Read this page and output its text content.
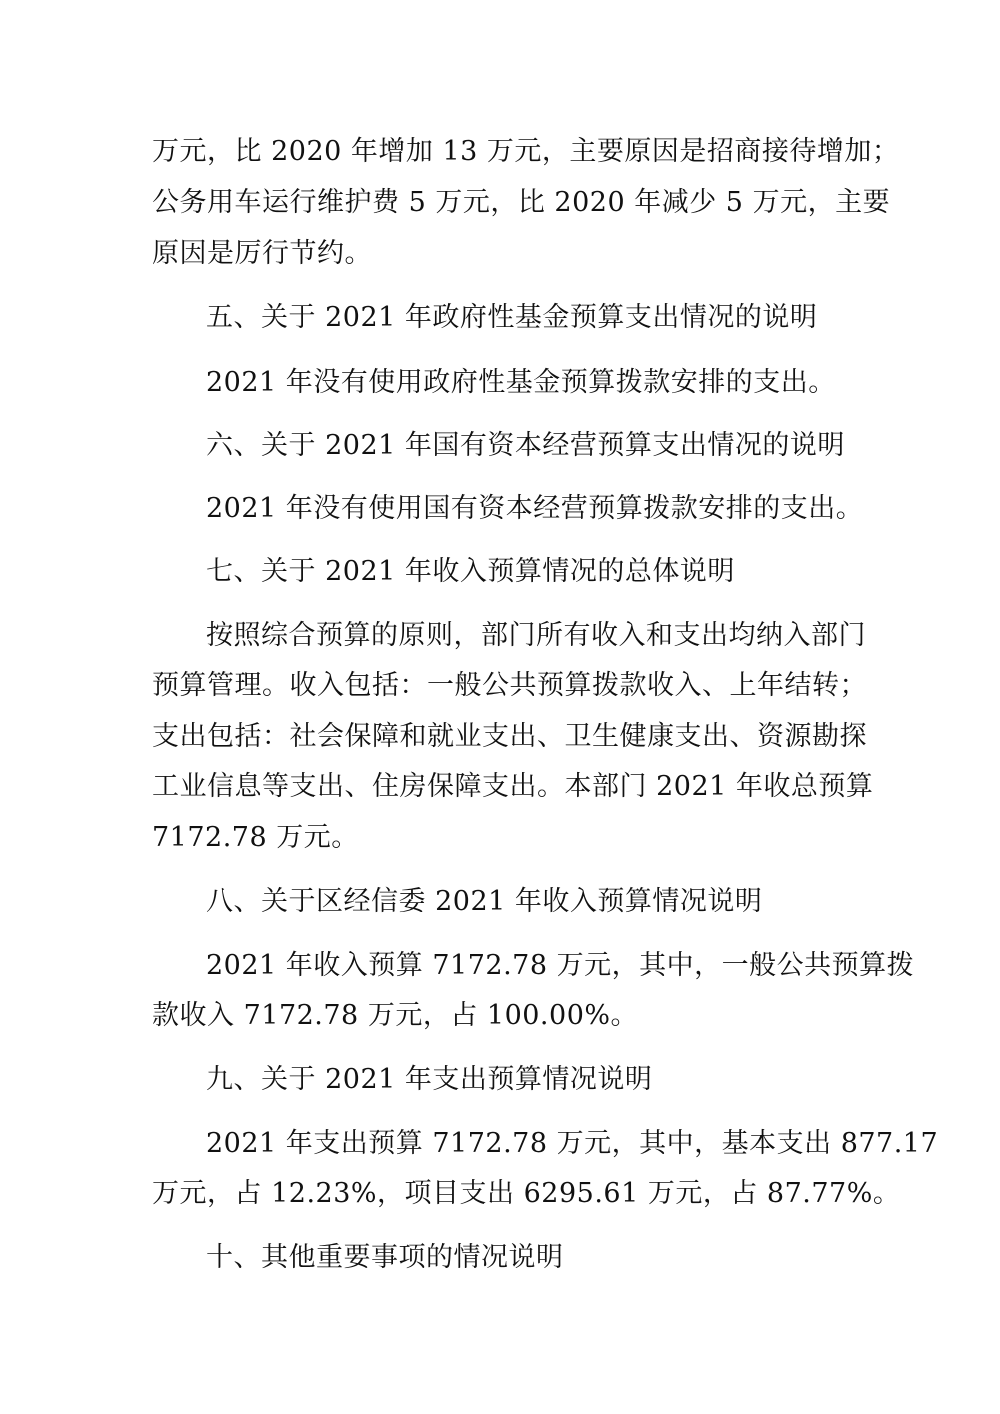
万元，比 2020 年增加 13 万元，主要原因是招商接待增加；
公务用车运行维护费 5 万元，比 2020 年减少 5 万元，主要
原因是厉行节约。
五、关于 2021 年政府性基金预算支出情况的说明
2021 年没有使用政府性基金预算拨款安排的支出。
六、关于 2021 年国有资本经营预算支出情况的说明
2021 年没有使用国有资本经营预算拨款安排的支出。
七、关于 2021 年收入预算情况的总体说明
按照综合预算的原则，部门所有收入和支出均纳入部门
预算管理。收入包括：一般公共预算拨款收入、上年结转；
支出包括：社会保障和就业支出、卫生健康支出、资源勘探
工业信息等支出、住房保障支出。本部门 2021 年收总预算
7172.78 万元。
八、关于区经信委 2021 年收入预算情况说明
2021 年收入预算 7172.78 万元，其中，一般公共预算拨
款收入 7172.78 万元，占 100.00%。
九、关于 2021 年支出预算情况说明
2021 年支出预算 7172.78 万元，其中，基本支出 877.17
万元，占 12.23%，项目支出 6295.61 万元，占 87.77%。
十、其他重要事项的情况说明
